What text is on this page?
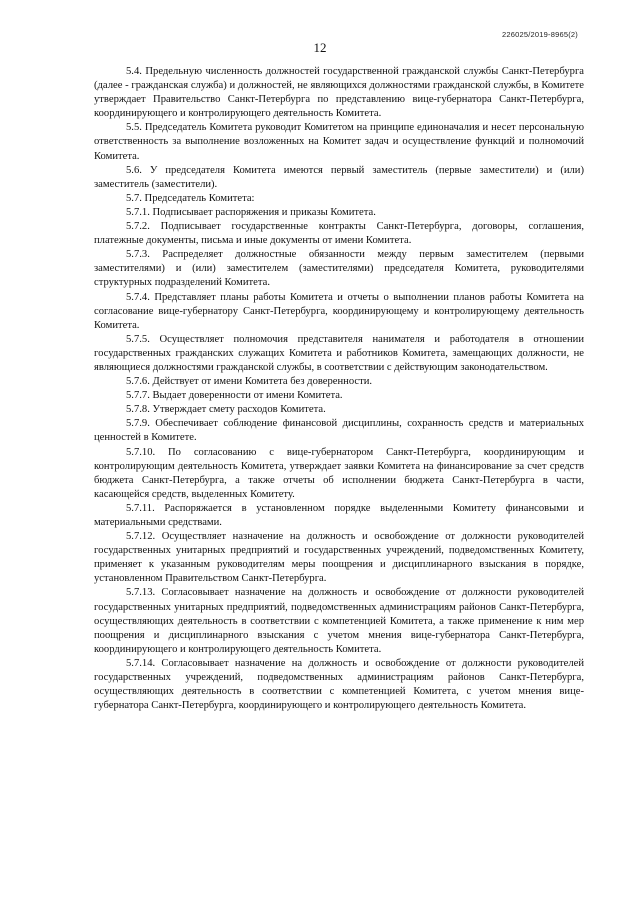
226025/2019-8965(2)
12

5.4. Предельную численность должностей государственной гражданской службы Санкт-Петербурга (далее - гражданская служба) и должностей, не являющихся должностями гражданской службы, в Комитете утверждает Правительство Санкт-Петербурга по представлению вице-губернатора Санкт-Петербурга, координирующего и контролирующего деятельность Комитета.

5.5. Председатель Комитета руководит Комитетом на принципе единоначалия и несет персональную ответственность за выполнение возложенных на Комитет задач и осуществление функций и полномочий Комитета.

5.6. У председателя Комитета имеются первый заместитель (первые заместители) и (или) заместитель (заместители).

5.7. Председатель Комитета:

5.7.1. Подписывает распоряжения и приказы Комитета.

5.7.2. Подписывает государственные контракты Санкт-Петербурга, договоры, соглашения, платежные документы, письма и иные документы от имени Комитета.

5.7.3. Распределяет должностные обязанности между первым заместителем (первыми заместителями) и (или) заместителем (заместителями) председателя Комитета, руководителями структурных подразделений Комитета.

5.7.4. Представляет планы работы Комитета и отчеты о выполнении планов работы Комитета на согласование вице-губернатору Санкт-Петербурга, координирующему и контролирующему деятельность Комитета.

5.7.5. Осуществляет полномочия представителя нанимателя и работодателя в отношении государственных гражданских служащих Комитета и работников Комитета, замещающих должности, не являющиеся должностями гражданской службы, в соответствии с действующим законодательством.

5.7.6. Действует от имени Комитета без доверенности.

5.7.7. Выдает доверенности от имени Комитета.

5.7.8. Утверждает смету расходов Комитета.

5.7.9. Обеспечивает соблюдение финансовой дисциплины, сохранность средств и материальных ценностей в Комитете.

5.7.10. По согласованию с вице-губернатором Санкт-Петербурга, координирующим и контролирующим деятельность Комитета, утверждает заявки Комитета на финансирование за счет средств бюджета Санкт-Петербурга, а также отчеты об исполнении бюджета Санкт-Петербурга в части, касающейся средств, выделенных Комитету.

5.7.11. Распоряжается в установленном порядке выделенными Комитету финансовыми и материальными средствами.

5.7.12. Осуществляет назначение на должность и освобождение от должности руководителей государственных унитарных предприятий и государственных учреждений, подведомственных Комитету, применяет к указанным руководителям меры поощрения и дисциплинарного взыскания в порядке, установленном Правительством Санкт-Петербурга.

5.7.13. Согласовывает назначение на должность и освобождение от должности руководителей государственных унитарных предприятий, подведомственных администрациям районов Санкт-Петербурга, осуществляющих деятельность в соответствии с компетенцией Комитета, а также применение к ним мер поощрения и дисциплинарного взыскания с учетом мнения вице-губернатора Санкт-Петербурга, координирующего и контролирующего деятельность Комитета.

5.7.14. Согласовывает назначение на должность и освобождение от должности руководителей государственных учреждений, подведомственных администрациям районов Санкт-Петербурга, осуществляющих деятельность в соответствии с компетенцией Комитета, с учетом мнения вице-губернатора Санкт-Петербурга, координирующего и контролирующего деятельность Комитета.
